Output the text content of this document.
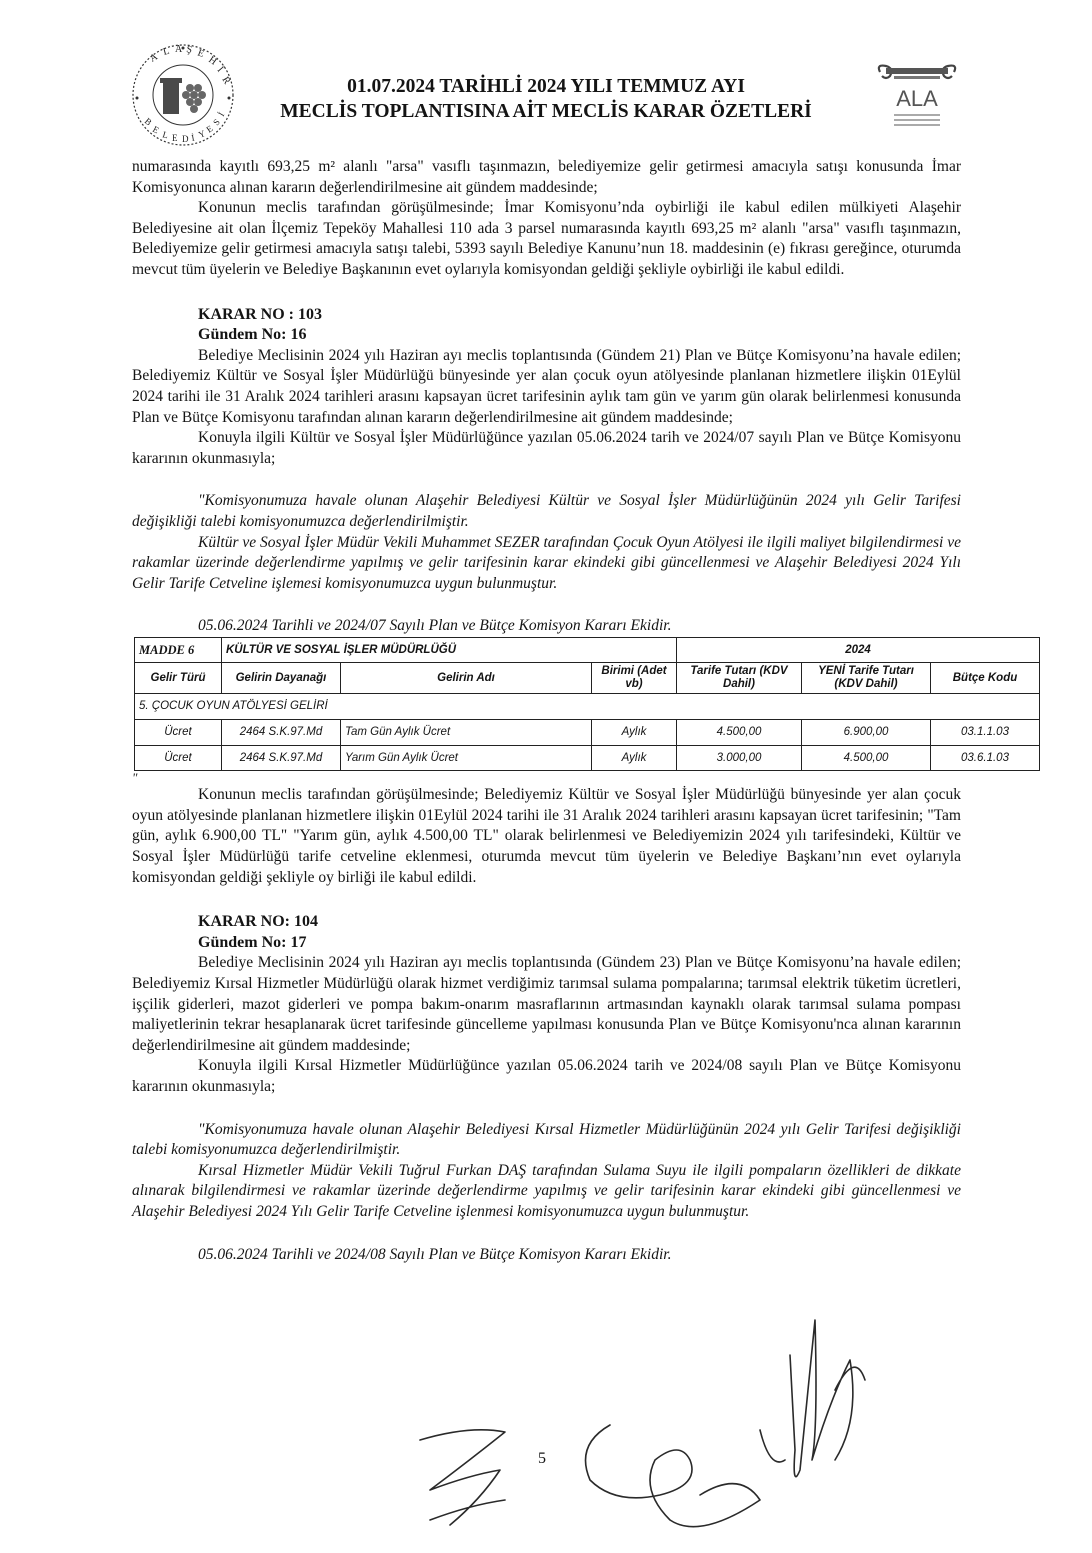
A L A Ş E
H
İ
R
B
E L E D İ Y
E
S
İ
01.07.2024 TARİHLİ 2024 YILI TEMMUZ AYI
MECLİS TOPLANTISINA AİT MECLİS KARAR ÖZETLERİ
ALA

numarasında kayıtlı 693,25 m² alanlı "arsa" vasıflı taşınmazın, belediyemize gelir getirmesi amacıyla satışı konusunda İmar Komisyonunca alınan kararın değerlendirilmesine ait gündem maddesinde;

Konunun meclis tarafından görüşülmesinde; İmar Komisyonu’nda oybirliği ile kabul edilen mülkiyeti Alaşehir Belediyesine ait olan İlçemiz Tepeköy Mahallesi 110 ada 3 parsel numarasında kayıtlı 693,25 m² alanlı "arsa" vasıflı taşınmazın, Belediyemize gelir getirmesi amacıyla satışı talebi, 5393 sayılı Belediye Kanunu’nun 18. maddesinin (e) fıkrası gereğince, oturumda mevcut tüm üyelerin ve Belediye Başkanının evet oylarıyla komisyondan geldiği şekliyle oybirliği ile kabul edildi.

KARAR NO : 103

Gündem No: 16

Belediye Meclisinin 2024 yılı Haziran ayı meclis toplantısında (Gündem 21) Plan ve Bütçe Komisyonu’na havale edilen; Belediyemiz Kültür ve Sosyal İşler Müdürlüğü bünyesinde yer alan çocuk oyun atölyesinde planlanan hizmetlere ilişkin 01Eylül 2024 tarihi ile 31 Aralık 2024 tarihleri arasını kapsayan ücret tarifesinin aylık tam gün ve yarım gün olarak belirlenmesi konusunda Plan ve Bütçe Komisyonu tarafından alınan kararın değerlendirilmesine ait gündem maddesinde;

Konuyla ilgili Kültür ve Sosyal İşler Müdürlüğünce yazılan 05.06.2024 tarih ve 2024/07 sayılı Plan ve Bütçe Komisyonu kararının okunmasıyla;

"Komisyonumuza havale olunan Alaşehir Belediyesi Kültür ve Sosyal İşler Müdürlüğünün 2024 yılı Gelir Tarifesi değişikliği talebi komisyonumuzca değerlendirilmiştir.

Kültür ve Sosyal İşler Müdür Vekili Muhammet SEZER tarafından Çocuk Oyun Atölyesi ile ilgili maliyet bilgilendirmesi ve rakamlar üzerinde değerlendirme yapılmış ve gelir tarifesinin karar ekindeki gibi güncellenmesi ve Alaşehir Belediyesi 2024 Yılı Gelir Tarife Cetveline işlemesi komisyonumuzca uygun bulunmuştur.

05.06.2024 Tarihli ve 2024/07 Sayılı Plan ve Bütçe Komisyon Kararı Ekidir.

MADDE 6	KÜLTÜR VE SOSYAL İŞLER MÜDÜRLÜĞÜ			2024		
Gelir Türü	Gelirin Dayanağı	Gelirin Adı	Birimi (Adet vb)	Tarife Tutarı (KDV Dahil)	YENİ Tarife Tutarı (KDV Dahil)	Bütçe Kodu
5. ÇOCUK OYUN ATÖLYESİ GELİRİ						
Ücret	2464 S.K.97.Md	Tam Gün Aylık Ücret	Aylık	4.500,00	6.900,00	03.1.1.03
Ücret	2464 S.K.97.Md	Yarım Gün Aylık Ücret	Aylık	3.000,00	4.500,00	03.6.1.03

"

Konunun meclis tarafından görüşülmesinde; Belediyemiz Kültür ve Sosyal İşler Müdürlüğü bünyesinde yer alan çocuk oyun atölyesinde planlanan hizmetlere ilişkin 01Eylül 2024 tarihi ile 31 Aralık 2024 tarihleri arasını kapsayan ücret tarifesinin; "Tam gün, aylık 6.900,00 TL" "Yarım gün, aylık 4.500,00 TL" olarak belirlenmesi ve Belediyemizin 2024 yılı tarifesindeki, Kültür ve Sosyal İşler Müdürlüğü tarife cetveline eklenmesi, oturumda mevcut tüm üyelerin ve Belediye Başkanı’nın evet oylarıyla komisyondan geldiği şekliyle oy birliği ile kabul edildi.

KARAR NO: 104

Gündem No: 17

Belediye Meclisinin 2024 yılı Haziran ayı meclis toplantısında (Gündem 23) Plan ve Bütçe Komisyonu’na havale edilen; Belediyemiz Kırsal Hizmetler Müdürlüğü olarak hizmet verdiğimiz tarımsal sulama pompalarına; tarımsal elektrik tüketim ücretleri, işçilik giderleri, mazot giderleri ve pompa bakım-onarım masraflarının artmasından kaynaklı olarak tarımsal sulama pompası maliyetlerinin tekrar hesaplanarak ücret tarifesinde güncelleme yapılması konusunda Plan ve Bütçe Komisyonu'nca alınan kararının değerlendirilmesine ait gündem maddesinde;

Konuyla ilgili Kırsal Hizmetler Müdürlüğünce yazılan 05.06.2024 tarih ve 2024/08 sayılı Plan ve Bütçe Komisyonu kararının okunmasıyla;

"Komisyonumuza havale olunan Alaşehir Belediyesi Kırsal Hizmetler Müdürlüğünün 2024 yılı Gelir Tarifesi değişikliği talebi komisyonumuzca değerlendirilmiştir.

Kırsal Hizmetler Müdür Vekili Tuğrul Furkan DAŞ tarafından Sulama Suyu ile ilgili pompaların özellikleri de dikkate alınarak bilgilendirmesi ve rakamlar üzerinde değerlendirme yapılmış ve gelir tarifesinin karar ekindeki gibi güncellenmesi ve Alaşehir Belediyesi 2024 Yılı Gelir Tarife Cetveline işlenmesi komisyonumuzca uygun bulunmuştur.

05.06.2024 Tarihli ve 2024/08 Sayılı Plan ve Bütçe Komisyon Kararı Ekidir.

5
